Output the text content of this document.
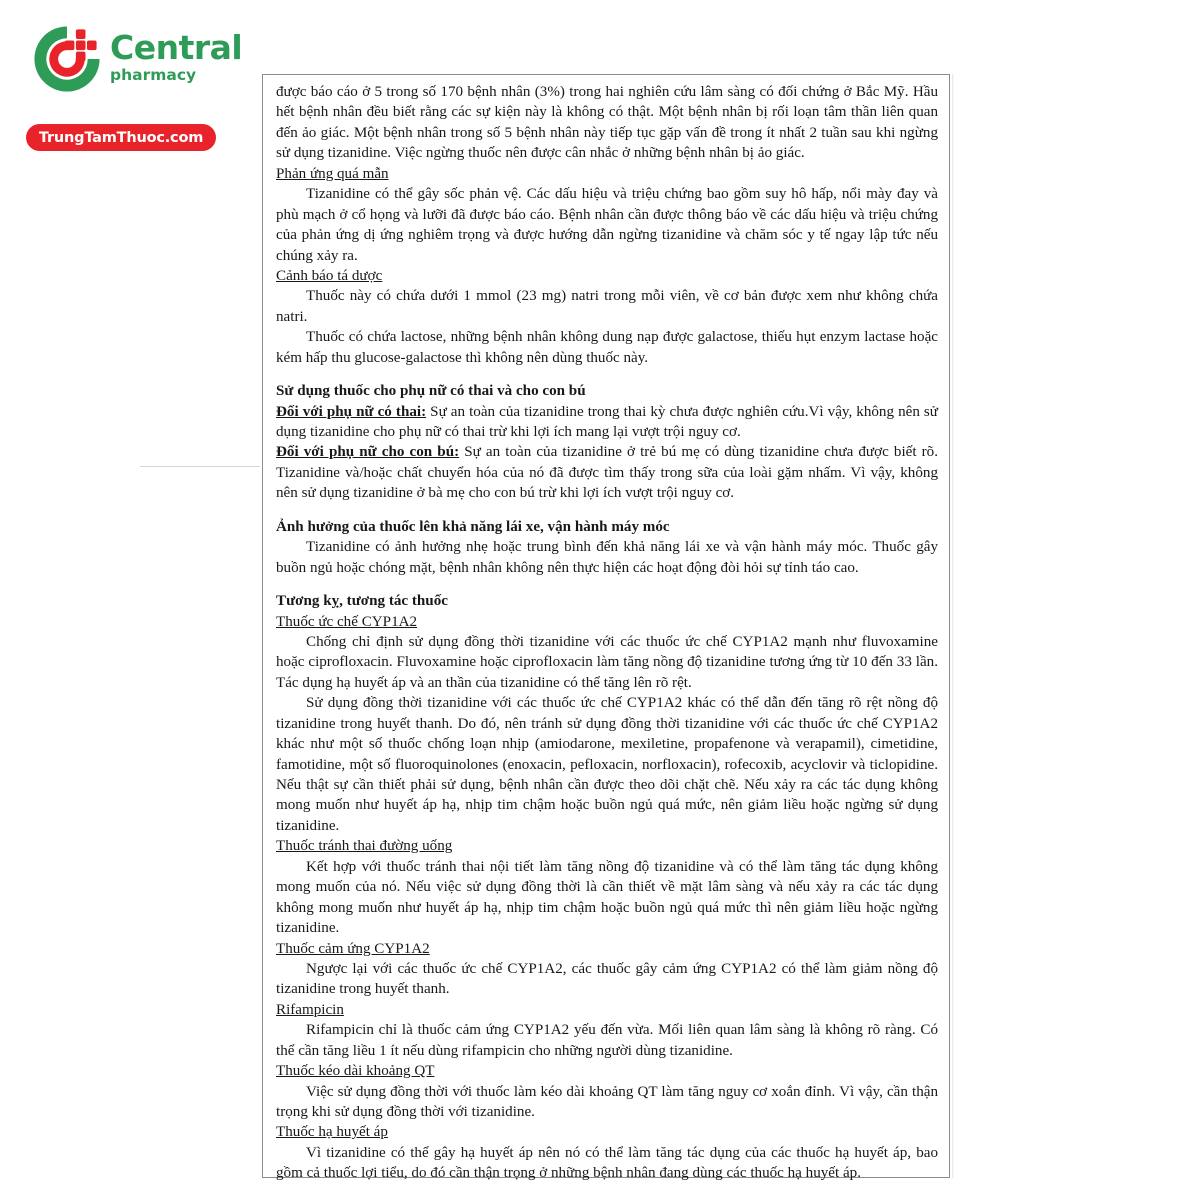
Central
pharmacy
TrungTamThuoc.com

được báo cáo ở 5 trong số 170 bệnh nhân (3%) trong hai nghiên cứu lâm sàng có đối chứng ở Bắc Mỹ. Hầu hết bệnh nhân đều biết rằng các sự kiện này là không có thật. Một bệnh nhân bị rối loạn tâm thần liên quan đến ảo giác. Một bệnh nhân trong số 5 bệnh nhân này tiếp tục gặp vấn đề trong ít nhất 2 tuần sau khi ngừng sử dụng tizanidine. Việc ngừng thuốc nên được cân nhắc ở những bệnh nhân bị ảo giác.

Phản ứng quá mẫn

Tizanidine có thể gây sốc phản vệ. Các dấu hiệu và triệu chứng bao gồm suy hô hấp, nổi mày đay và phù mạch ở cổ họng và lưỡi đã được báo cáo. Bệnh nhân cần được thông báo về các dấu hiệu và triệu chứng của phản ứng dị ứng nghiêm trọng và được hướng dẫn ngừng tizanidine và chăm sóc y tế ngay lập tức nếu chúng xảy ra.

Cảnh báo tá dược

Thuốc này có chứa dưới 1 mmol (23 mg) natri trong mỗi viên, về cơ bản được xem như không chứa natri.

Thuốc có chứa lactose, những bệnh nhân không dung nạp được galactose, thiếu hụt enzym lactase hoặc kém hấp thu glucose-galactose thì không nên dùng thuốc này.

Sử dụng thuốc cho phụ nữ có thai và cho con bú

Đối với phụ nữ có thai: Sự an toàn của tizanidine trong thai kỳ chưa được nghiên cứu.Vì vậy, không nên sử dụng tizanidine cho phụ nữ có thai trừ khi lợi ích mang lại vượt trội nguy cơ.

Đối với phụ nữ cho con bú: Sự an toàn của tizanidine ở trẻ bú mẹ có dùng tizanidine chưa được biết rõ. Tizanidine và/hoặc chất chuyển hóa của nó đã được tìm thấy trong sữa của loài gặm nhấm. Vì vậy, không nên sử dụng tizanidine ở bà mẹ cho con bú trừ khi lợi ích vượt trội nguy cơ.

Ảnh hưởng của thuốc lên khả năng lái xe, vận hành máy móc

Tizanidine có ảnh hưởng nhẹ hoặc trung bình đến khả năng lái xe và vận hành máy móc. Thuốc gây buồn ngủ hoặc chóng mặt, bệnh nhân không nên thực hiện các hoạt động đòi hỏi sự tỉnh táo cao.

Tương kỵ, tương tác thuốc

Thuốc ức chế CYP1A2

Chống chỉ định sử dụng đồng thời tizanidine với các thuốc ức chế CYP1A2 mạnh như fluvoxamine hoặc ciprofloxacin. Fluvoxamine hoặc ciprofloxacin làm tăng nồng độ tizanidine tương ứng từ 10 đến 33 lần. Tác dụng hạ huyết áp và an thần của tizanidine có thể tăng lên rõ rệt.

Sử dụng đồng thời tizanidine với các thuốc ức chế CYP1A2 khác có thể dẫn đến tăng rõ rệt nồng độ tizanidine trong huyết thanh. Do đó, nên tránh sử dụng đồng thời tizanidine với các thuốc ức chế CYP1A2 khác như một số thuốc chống loạn nhịp (amiodarone, mexiletine, propafenone và verapamil), cimetidine, famotidine, một số fluoroquinolones (enoxacin, pefloxacin, norfloxacin), rofecoxib, acyclovir và ticlopidine. Nếu thật sự cần thiết phải sử dụng, bệnh nhân cần được theo dõi chặt chẽ. Nếu xảy ra các tác dụng không mong muốn như huyết áp hạ, nhịp tim chậm hoặc buồn ngủ quá mức, nên giảm liều hoặc ngừng sử dụng tizanidine.

Thuốc tránh thai đường uống

Kết hợp với thuốc tránh thai nội tiết làm tăng nồng độ tizanidine và có thể làm tăng tác dụng không mong muốn của nó. Nếu việc sử dụng đồng thời là cần thiết về mặt lâm sàng và nếu xảy ra các tác dụng không mong muốn như huyết áp hạ, nhịp tim chậm hoặc buồn ngủ quá mức thì nên giảm liều hoặc ngừng tizanidine.

Thuốc cảm ứng CYP1A2

Ngược lại với các thuốc ức chế CYP1A2, các thuốc gây cảm ứng CYP1A2 có thể làm giảm nồng độ tizanidine trong huyết thanh.

Rifampicin

Rifampicin chỉ là thuốc cảm ứng CYP1A2 yếu đến vừa. Mối liên quan lâm sàng là không rõ ràng. Có thể cần tăng liều 1 ít nếu dùng rifampicin cho những người dùng tizanidine.

Thuốc kéo dài khoảng QT

Việc sử dụng đồng thời với thuốc làm kéo dài khoảng QT làm tăng nguy cơ xoắn đỉnh. Vì vậy, cần thận trọng khi sử dụng đồng thời với tizanidine.

Thuốc hạ huyết áp

Vì tizanidine có thể gây hạ huyết áp nên nó có thể làm tăng tác dụng của các thuốc hạ huyết áp, bao gồm cả thuốc lợi tiểu, do đó cần thận trọng ở những bệnh nhân đang dùng các thuốc hạ huyết áp.
